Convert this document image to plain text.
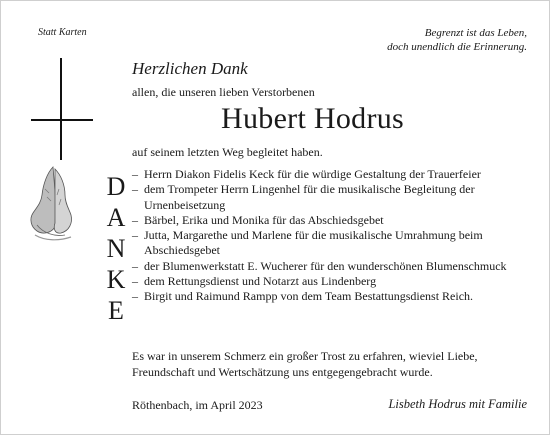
Statt Karten	Begrenzt ist das Leben,
doch unendlich die Erinnerung.
D
A
N
K
E
Herzlichen Dank
allen, die unseren lieben Verstorbenen
Hubert Hodrus
auf seinem letzten Weg begleitet haben.
– Herrn Diakon Fidelis Keck für die würdige Gestaltung der Trauerfeier
– dem Trompeter Herrn Lingenhel für die musikalische Begleitung der Urnenbeisetzung
– Bärbel, Erika und Monika für das Abschiedsgebet
– Jutta, Margarethe und Marlene für die musikalische Umrahmung beim Abschiedsgebet
– der Blumenwerkstatt E. Wucherer für den wunderschönen Blumenschmuck
– dem Rettungsdienst und Notarzt aus Lindenberg
– Birgit und Raimund Rampp von dem Team Bestattungsdienst Reich.
Es war in unserem Schmerz ein großer Trost zu erfahren, wieviel Liebe, Freundschaft und Wertschätzung uns entgegengebracht wurde.
Röthenbach, im April 2023	Lisbeth Hodrus mit Familie
